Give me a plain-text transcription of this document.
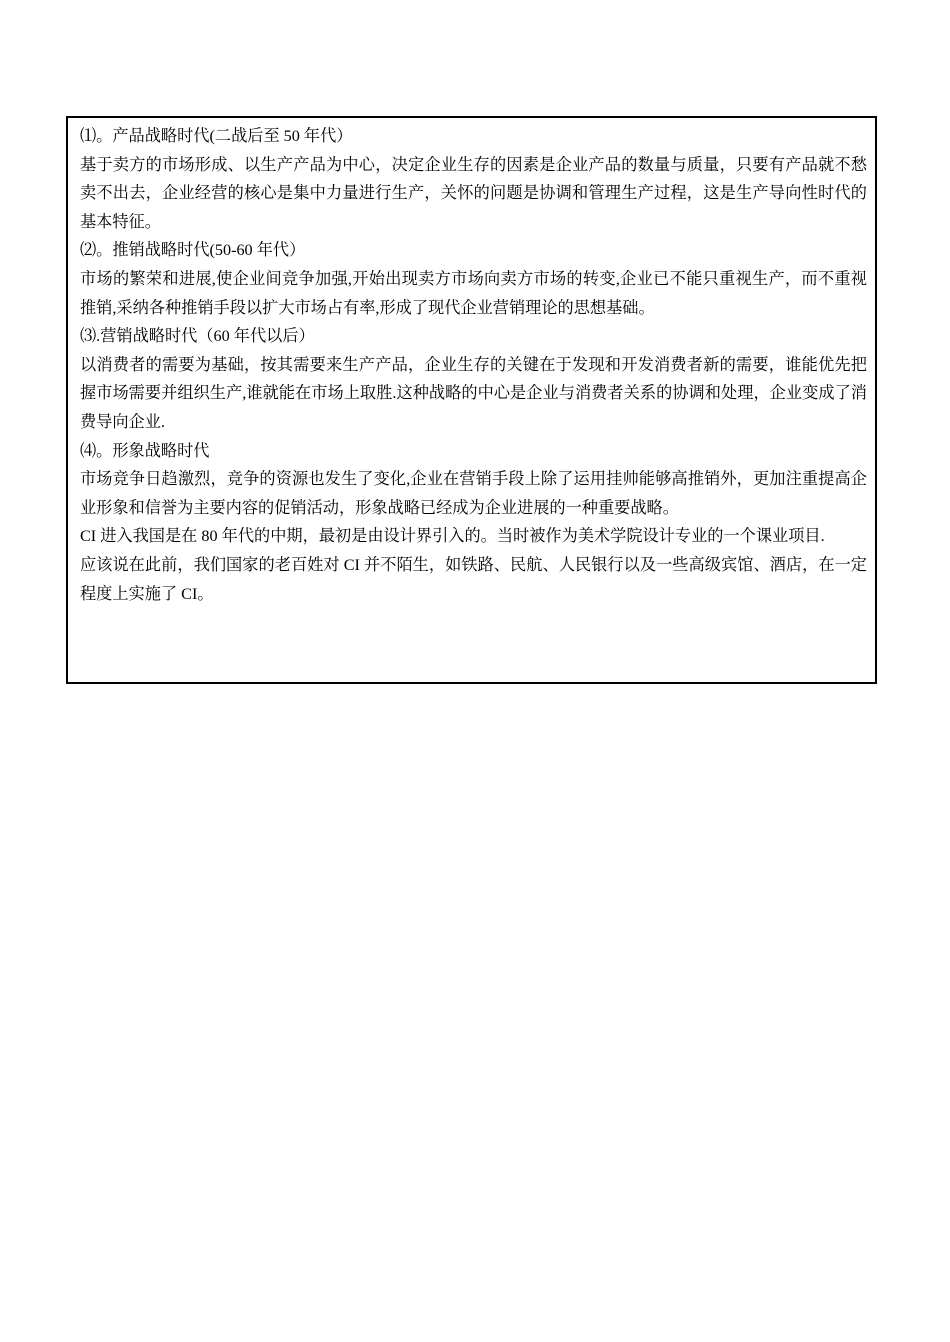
⑴。产品战略时代(二战后至 50 年代）

基于卖方的市场形成、以生产产品为中心，决定企业生存的因素是企业产品的数量与质量，只要有产品就不愁卖不出去，企业经营的核心是集中力量进行生产，关怀的问题是协调和管理生产过程，这是生产导向性时代的基本特征。

⑵。推销战略时代(50-60 年代）

市场的繁荣和进展,使企业间竞争加强,开始出现卖方市场向卖方市场的转变,企业已不能只重视生产，而不重视推销,采纳各种推销手段以扩大市场占有率,形成了现代企业营销理论的思想基础。

⑶.营销战略时代（60 年代以后）

以消费者的需要为基础，按其需要来生产产品，企业生存的关键在于发现和开发消费者新的需要，谁能优先把握市场需要并组织生产,谁就能在市场上取胜.这种战略的中心是企业与消费者关系的协调和处理，企业变成了消费导向企业.

⑷。形象战略时代

市场竞争日趋激烈，竞争的资源也发生了变化,企业在营销手段上除了运用挂帅能够高推销外，更加注重提高企业形象和信誉为主要内容的促销活动，形象战略已经成为企业进展的一种重要战略。

CI 进入我国是在 80 年代的中期，最初是由设计界引入的。当时被作为美术学院设计专业的一个课业项目.

应该说在此前，我们国家的老百姓对 CI 并不陌生，如铁路、民航、人民银行以及一些高级宾馆、酒店，在一定程度上实施了 CI。
